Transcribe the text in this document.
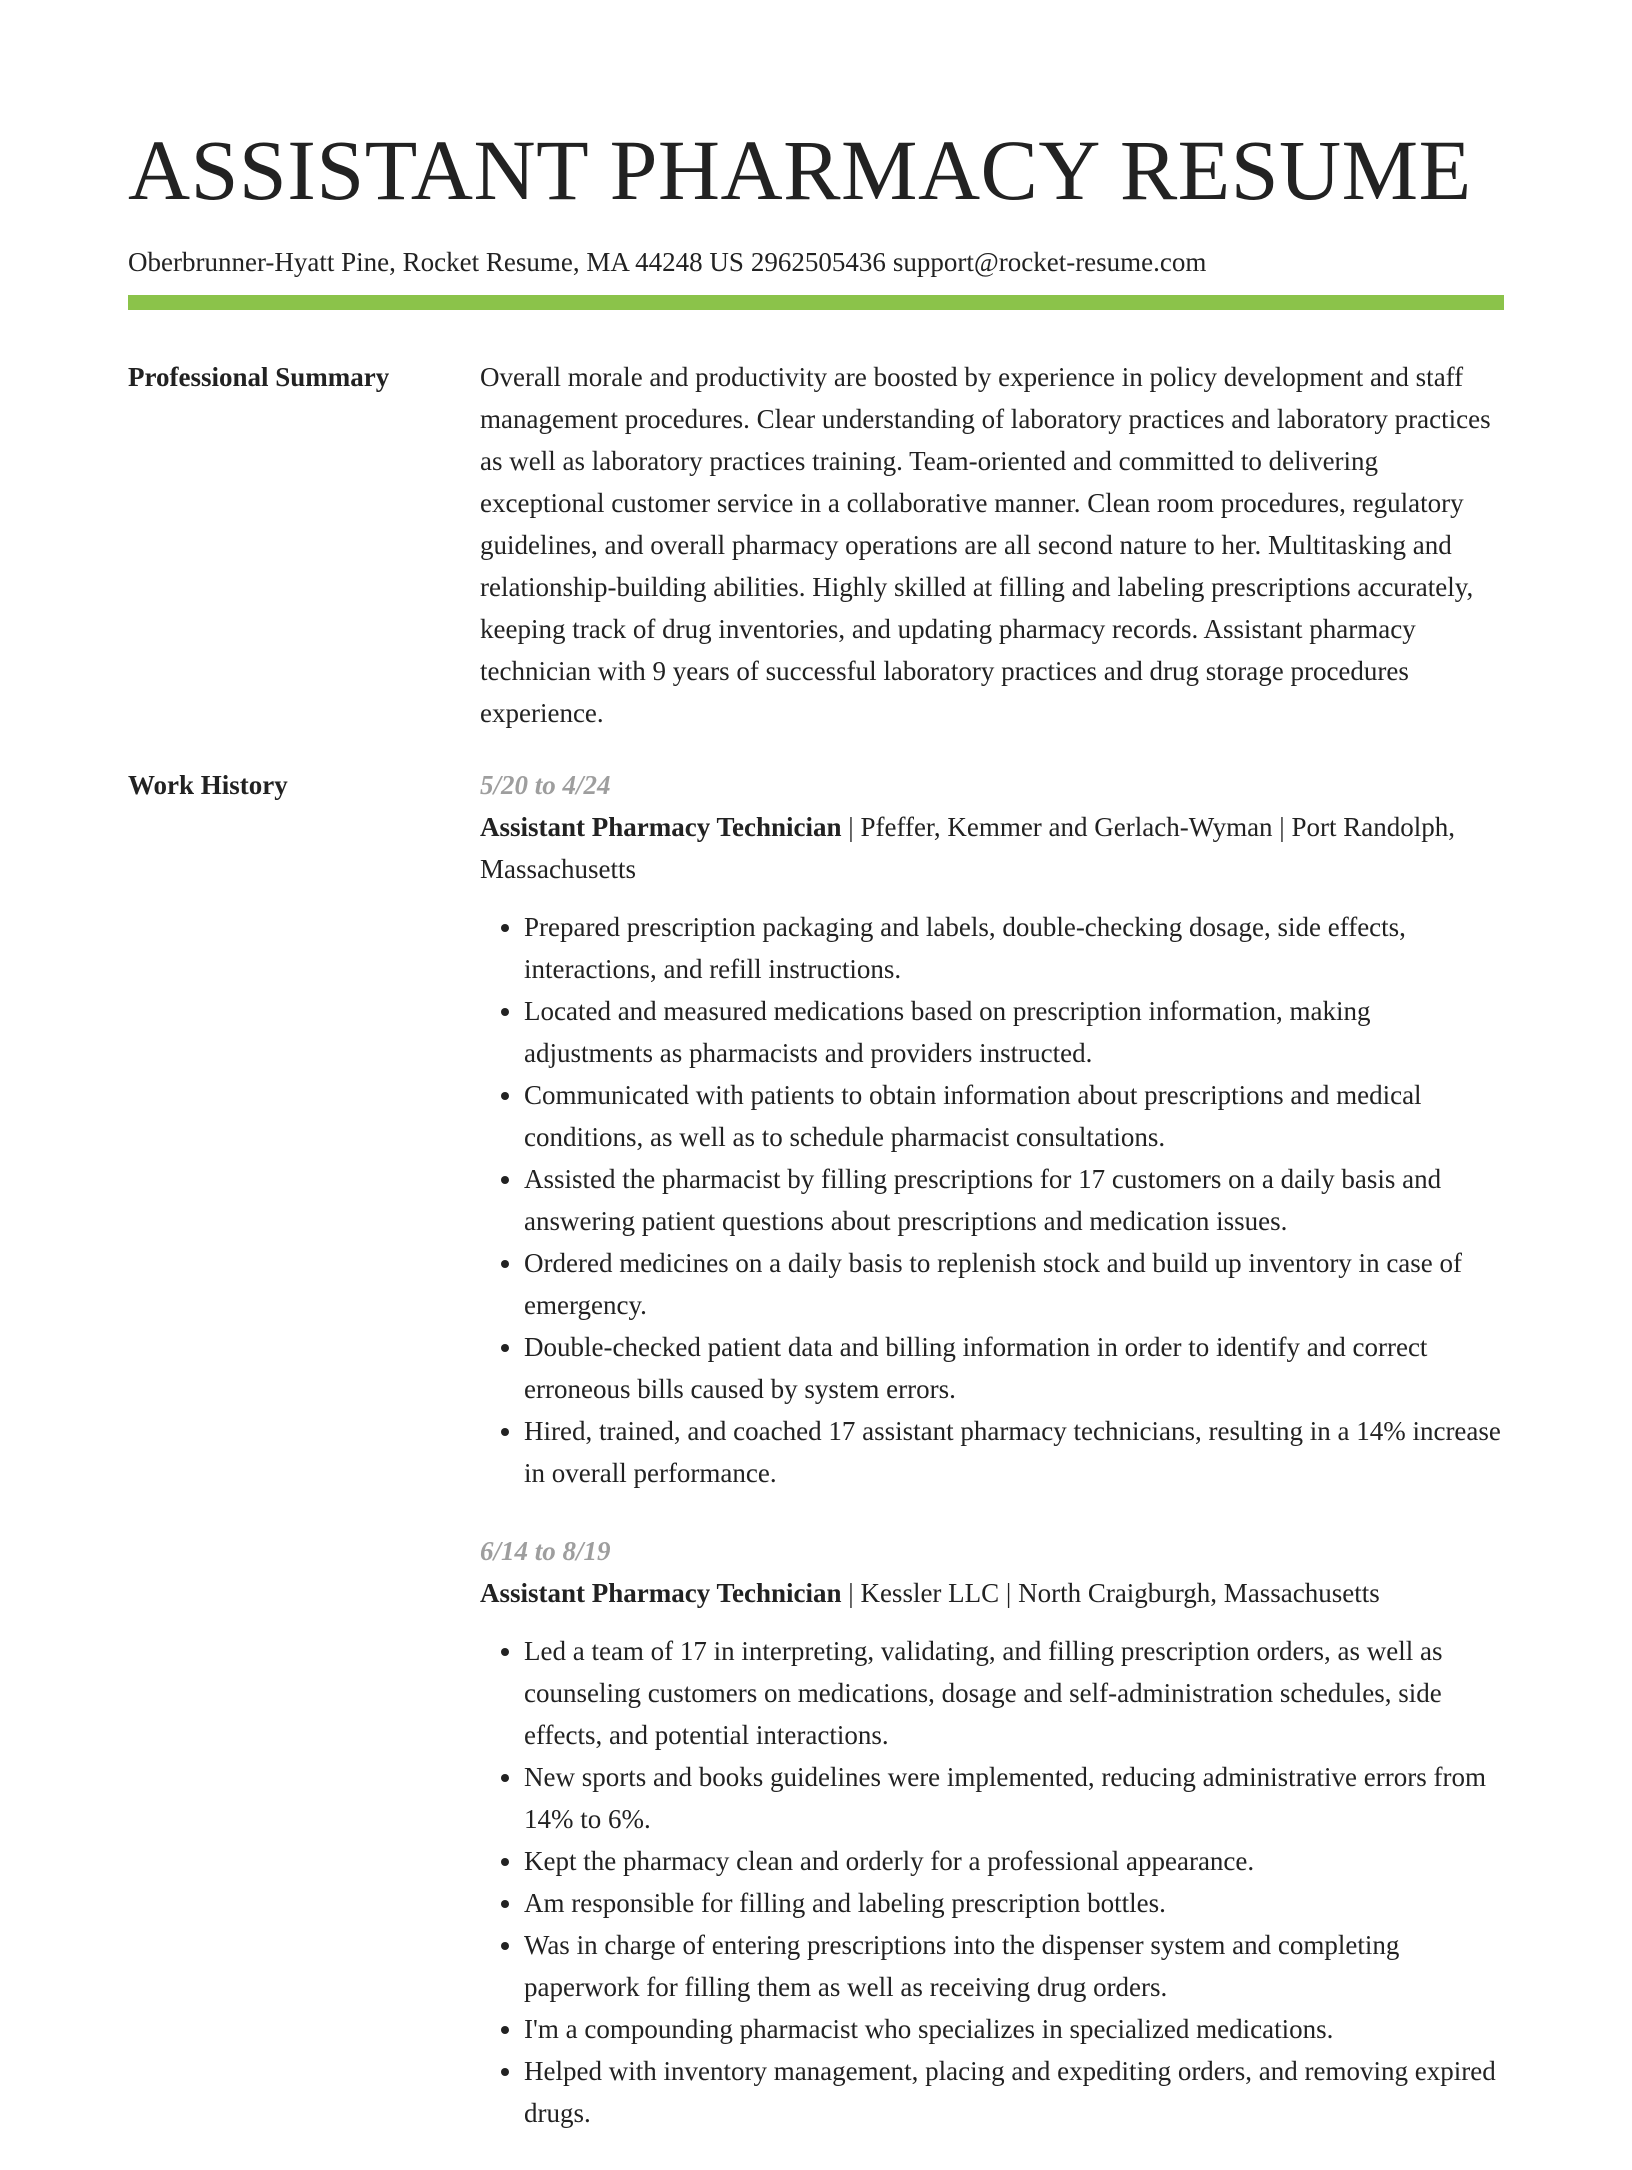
ASSISTANT PHARMACY RESUME
Oberbrunner-Hyatt Pine, Rocket Resume, MA 44248 US 2962505436 support@rocket-resume.com
Professional Summary	Overall morale and productivity are boosted by experience in policy development and staff management procedures. Clear understanding of laboratory practices and laboratory practices as well as laboratory practices training. Team-oriented and committed to delivering exceptional customer service in a collaborative manner. Clean room procedures, regulatory guidelines, and overall pharmacy operations are all second nature to her. Multitasking and relationship-building abilities. Highly skilled at filling and labeling prescriptions accurately, keeping track of drug inventories, and updating pharmacy records. Assistant pharmacy technician with 9 years of successful laboratory practices and drug storage procedures experience.

Work History	5/20 to 4/24
Assistant Pharmacy Technician | Pfeffer, Kemmer and Gerlach-Wyman | Port Randolph, Massachusetts
• Prepared prescription packaging and labels, double-checking dosage, side effects, interactions, and refill instructions.
• Located and measured medications based on prescription information, making adjustments as pharmacists and providers instructed.
• Communicated with patients to obtain information about prescriptions and medical conditions, as well as to schedule pharmacist consultations.
• Assisted the pharmacist by filling prescriptions for 17 customers on a daily basis and answering patient questions about prescriptions and medication issues.
• Ordered medicines on a daily basis to replenish stock and build up inventory in case of emergency.
• Double-checked patient data and billing information in order to identify and correct erroneous bills caused by system errors.
• Hired, trained, and coached 17 assistant pharmacy technicians, resulting in a 14% increase in overall performance.
6/14 to 8/19
Assistant Pharmacy Technician | Kessler LLC | North Craigburgh, Massachusetts
• Led a team of 17 in interpreting, validating, and filling prescription orders, as well as counseling customers on medications, dosage and self-administration schedules, side effects, and potential interactions.
• New sports and books guidelines were implemented, reducing administrative errors from 14% to 6%.
• Kept the pharmacy clean and orderly for a professional appearance.
• Am responsible for filling and labeling prescription bottles.
• Was in charge of entering prescriptions into the dispenser system and completing paperwork for filling them as well as receiving drug orders.
• I'm a compounding pharmacist who specializes in specialized medications.
• Helped with inventory management, placing and expediting orders, and removing expired drugs.
